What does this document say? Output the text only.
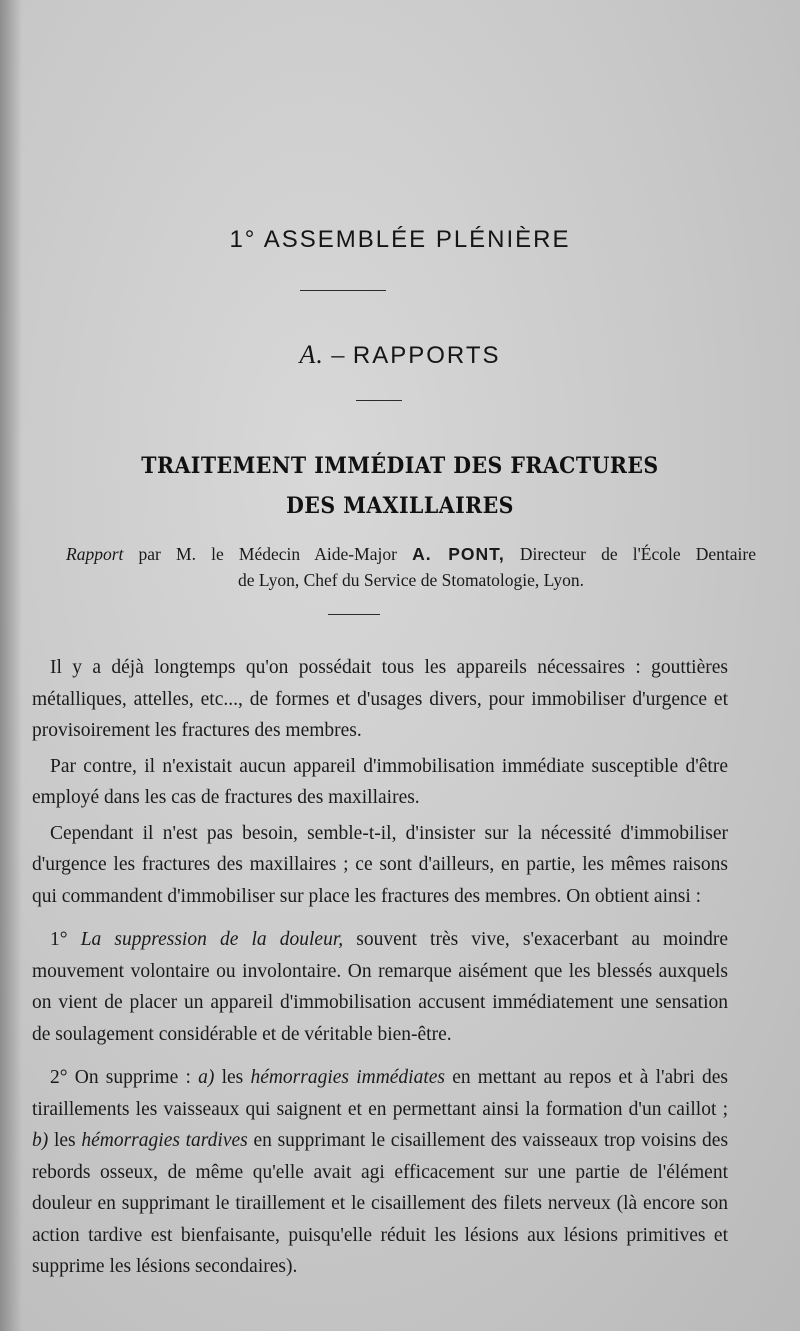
1° ASSEMBLÉE PLÉNIÈRE
A. – RAPPORTS
TRAITEMENT IMMÉDIAT DES FRACTURES
DES MAXILLAIRES
Rapport par M. le Médecin Aide-Major A. PONT, Directeur de l'École Dentaire
de Lyon, Chef du Service de Stomatologie, Lyon.

Il y a déjà longtemps qu'on possédait tous les appareils nécessaires : gouttières métalliques, attelles, etc..., de formes et d'usages divers, pour immobiliser d'urgence et provisoirement les fractures des membres.

Par contre, il n'existait aucun appareil d'immobilisation immédiate susceptible d'être employé dans les cas de fractures des maxillaires.

Cependant il n'est pas besoin, semble-t-il, d'insister sur la nécessité d'immobiliser d'urgence les fractures des maxillaires ; ce sont d'ailleurs, en partie, les mêmes raisons qui commandent d'immobiliser sur place les fractures des membres. On obtient ainsi :

1° La suppression de la douleur, souvent très vive, s'exacerbant au moindre mouvement volontaire ou involontaire. On remarque aisément que les blessés auxquels on vient de placer un appareil d'immobilisation accusent immédiatement une sensation de soulagement considérable et de véritable bien-être.

2° On supprime : a) les hémorragies immédiates en mettant au repos et à l'abri des tiraillements les vaisseaux qui saignent et en permettant ainsi la formation d'un caillot ; b) les hémorragies tardives en supprimant le cisaillement des vaisseaux trop voisins des rebords osseux, de même qu'elle avait agi efficacement sur une partie de l'élément douleur en supprimant le tiraillement et le cisaillement des filets nerveux (là encore son action tardive est bienfaisante, puisqu'elle réduit les lésions aux lésions primitives et supprime les lésions secondaires).
